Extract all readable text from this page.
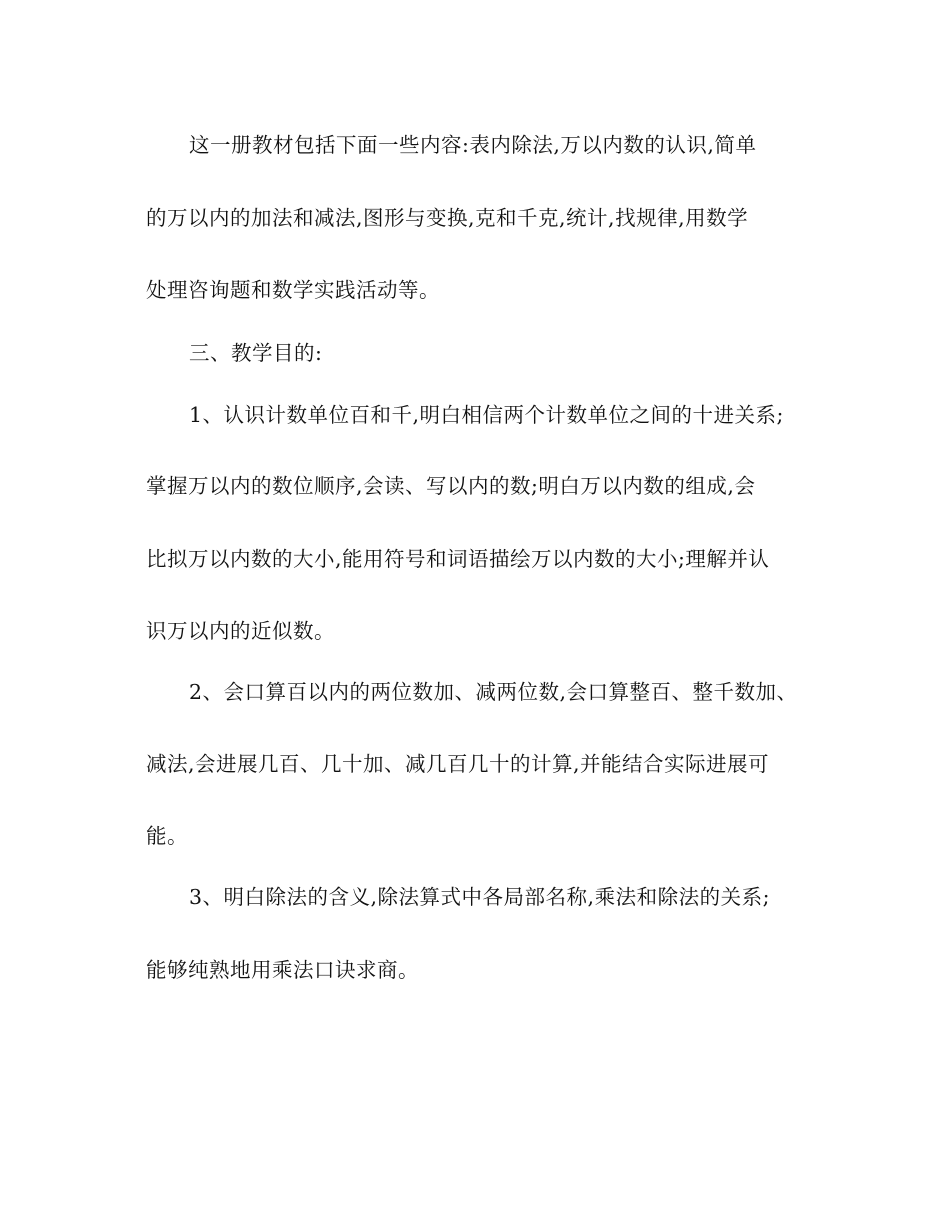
这一册教材包括下面一些内容:表内除法,万以内数的认识,简单

的万以内的加法和减法,图形与变换,克和千克,统计,找规律,用数学

处理咨询题和数学实践活动等。

三、教学目的:

1、认识计数单位百和千,明白相信两个计数单位之间的十进关系;

掌握万以内的数位顺序,会读、写以内的数;明白万以内数的组成,会

比拟万以内数的大小,能用符号和词语描绘万以内数的大小;理解并认

识万以内的近似数。

2、会口算百以内的两位数加、减两位数,会口算整百、整千数加、

减法,会进展几百、几十加、减几百几十的计算,并能结合实际进展可

能。

3、明白除法的含义,除法算式中各局部名称,乘法和除法的关系;

能够纯熟地用乘法口诀求商。
